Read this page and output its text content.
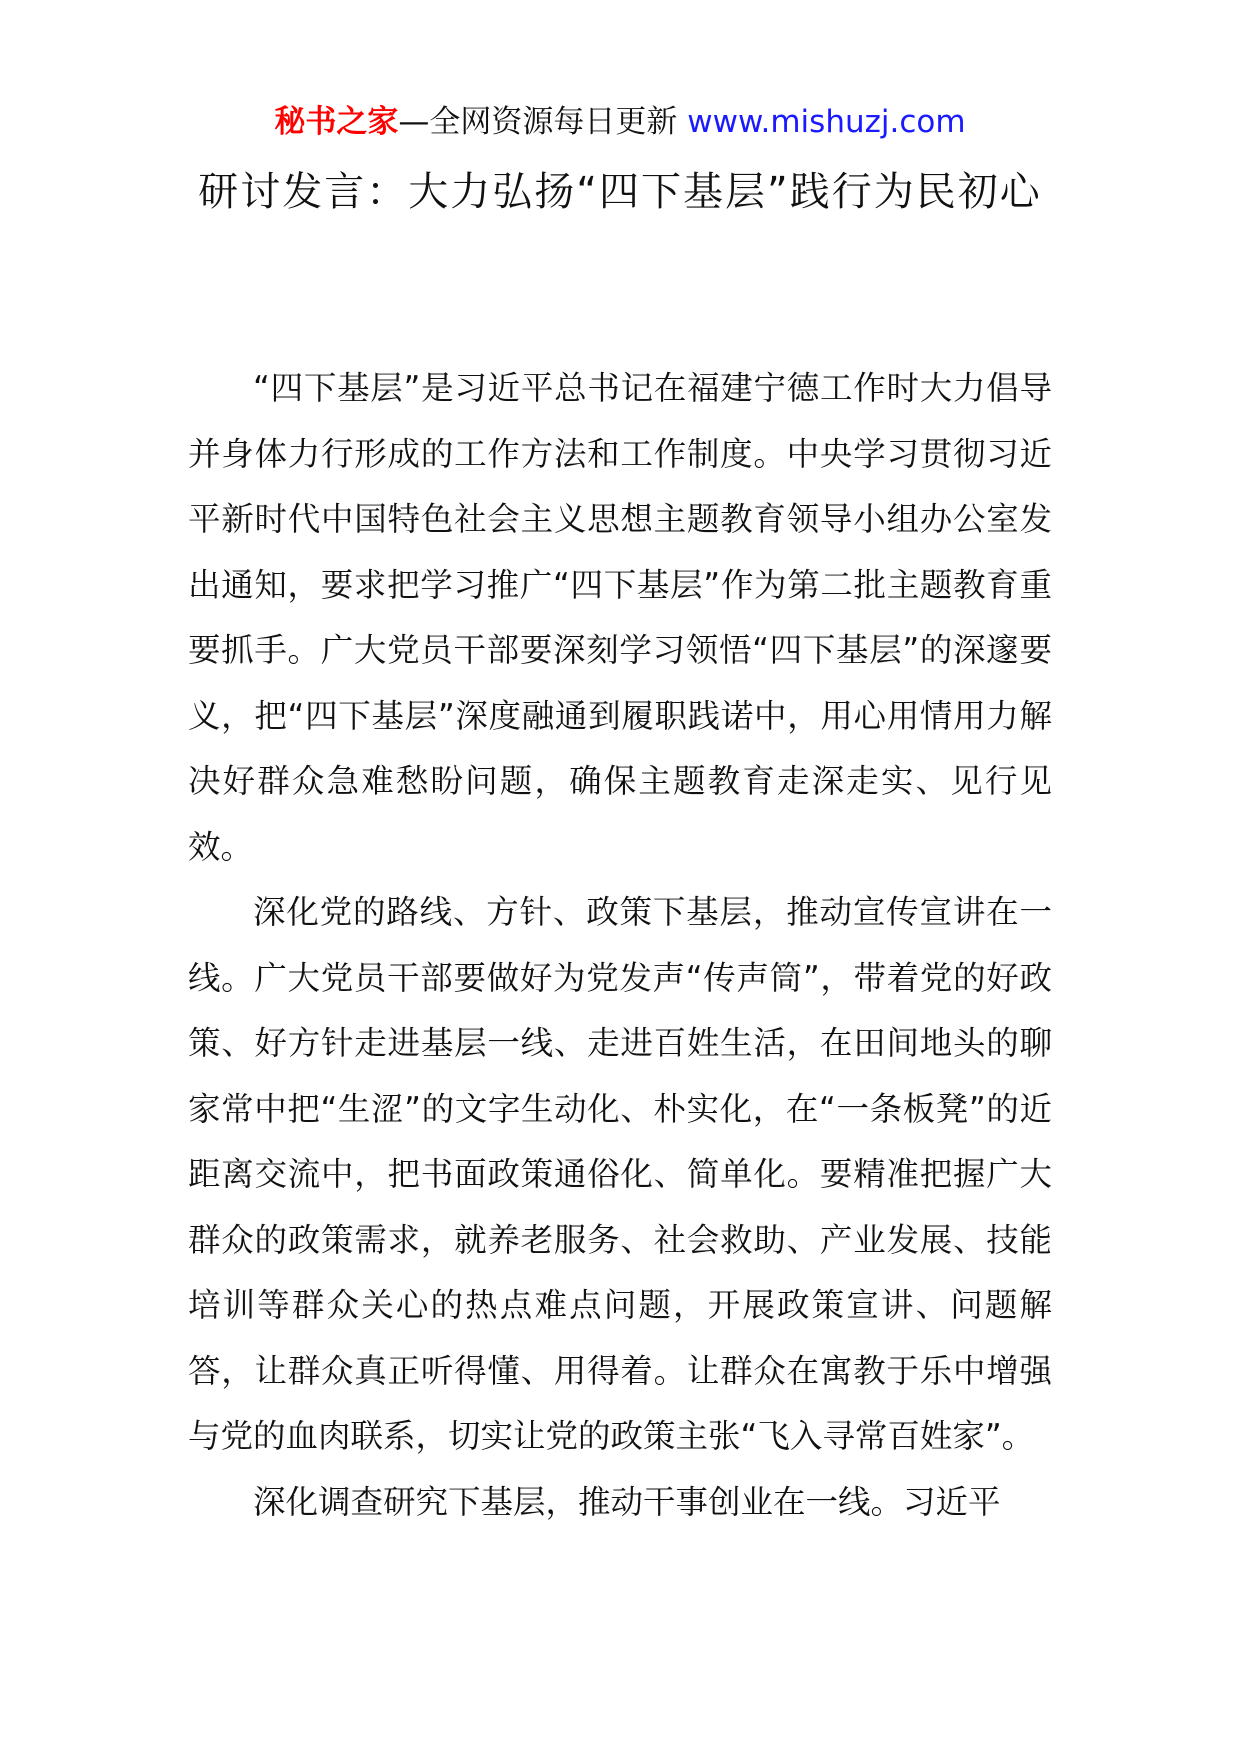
秘书之家—全网资源每日更新 www.mishuzj.com
研讨发言：大力弘扬“四下基层”践行为民初心

“四下基层”是习近平总书记在福建宁德工作时大力倡导并身体力行形成的工作方法和工作制度。中央学习贯彻习近平新时代中国特色社会主义思想主题教育领导小组办公室发出通知，要求把学习推广“四下基层”作为第二批主题教育重要抓手。广大党员干部要深刻学习领悟“四下基层”的深邃要义，把“四下基层”深度融通到履职践诺中，用心用情用力解决好群众急难愁盼问题，确保主题教育走深走实、见行见效。

深化党的路线、方针、政策下基层，推动宣传宣讲在一线。广大党员干部要做好为党发声“传声筒”，带着党的好政策、好方针走进基层一线、走进百姓生活，在田间地头的聊家常中把“生涩”的文字生动化、朴实化，在“一条板凳”的近距离交流中，把书面政策通俗化、简单化。要精准把握广大群众的政策需求，就养老服务、社会救助、产业发展、技能培训等群众关心的热点难点问题，开展政策宣讲、问题解答，让群众真正听得懂、用得着。让群众在寓教于乐中增强与党的血肉联系，切实让党的政策主张“飞入寻常百姓家”。

深化调查研究下基层，推动干事创业在一线。习近平
